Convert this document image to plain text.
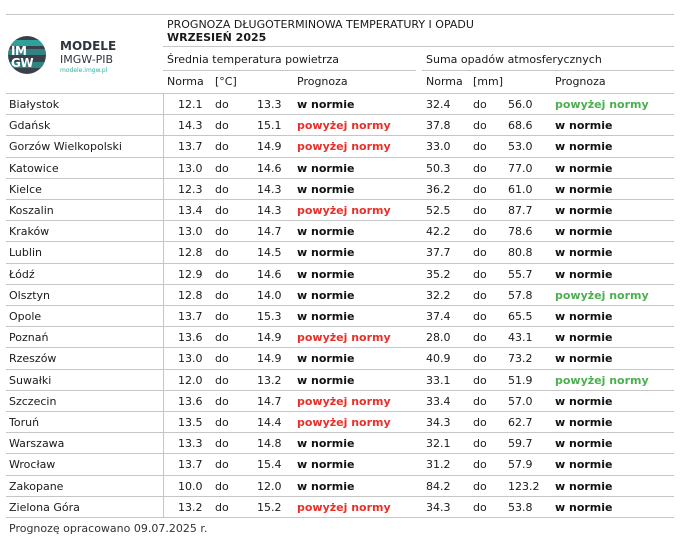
IM
GW
MODELE
IMGW-PIB
modele.imgw.pl
PROGNOZA DŁUGOTERMINOWA TEMPERATURY I OPADU
WRZESIEŃ 2025
Średnia temperatura powietrza	Suma opadów atmosferycznych
Norma [°C]	Prognoza	Norma [mm]	Prognoza
Białystok	12.1 do	13.3 w normie	32.4 do 56.0 powyżej normy
Gdańsk	14.3 do	15.1 powyżej normy	37.8 do 68.6 w normie
Gorzów Wielkopolski	13.7 do	14.9 powyżej normy	33.0 do 53.0 w normie
Katowice	13.0 do	14.6 w normie	50.3 do 77.0 w normie
Kielce	12.3 do	14.3 w normie	36.2 do 61.0 w normie
Koszalin	13.4 do	14.3 powyżej normy	52.5 do 87.7 w normie
Kraków	13.0 do	14.7 w normie	42.2 do 78.6 w normie
Lublin	12.8 do	14.5 w normie	37.7 do 80.8 w normie
Łódź	12.9 do	14.6 w normie	35.2 do 55.7 w normie
Olsztyn	12.8 do	14.0 w normie	32.2 do 57.8 powyżej normy
Opole	13.7 do	15.3 w normie	37.4 do 65.5 w normie
Poznań	13.6 do	14.9 powyżej normy	28.0 do 43.1 w normie
Rzeszów	13.0 do	14.9 w normie	40.9 do 73.2 w normie
Suwałki	12.0 do	13.2 w normie	33.1 do 51.9 powyżej normy
Szczecin	13.6 do	14.7 powyżej normy	33.4 do 57.0 w normie
Toruń	13.5 do	14.4 powyżej normy	34.3 do 62.7 w normie
Warszawa	13.3 do	14.8 w normie	32.1 do 59.7 w normie
Wrocław	13.7 do	15.4 w normie	31.2 do 57.9 w normie
Zakopane	10.0 do	12.0 w normie	84.2 do 123.2 w normie
Zielona Góra	13.2 do	15.2 powyżej normy	34.3 do 53.8 w normie
Prognozę opracowano 09.07.2025 r.
